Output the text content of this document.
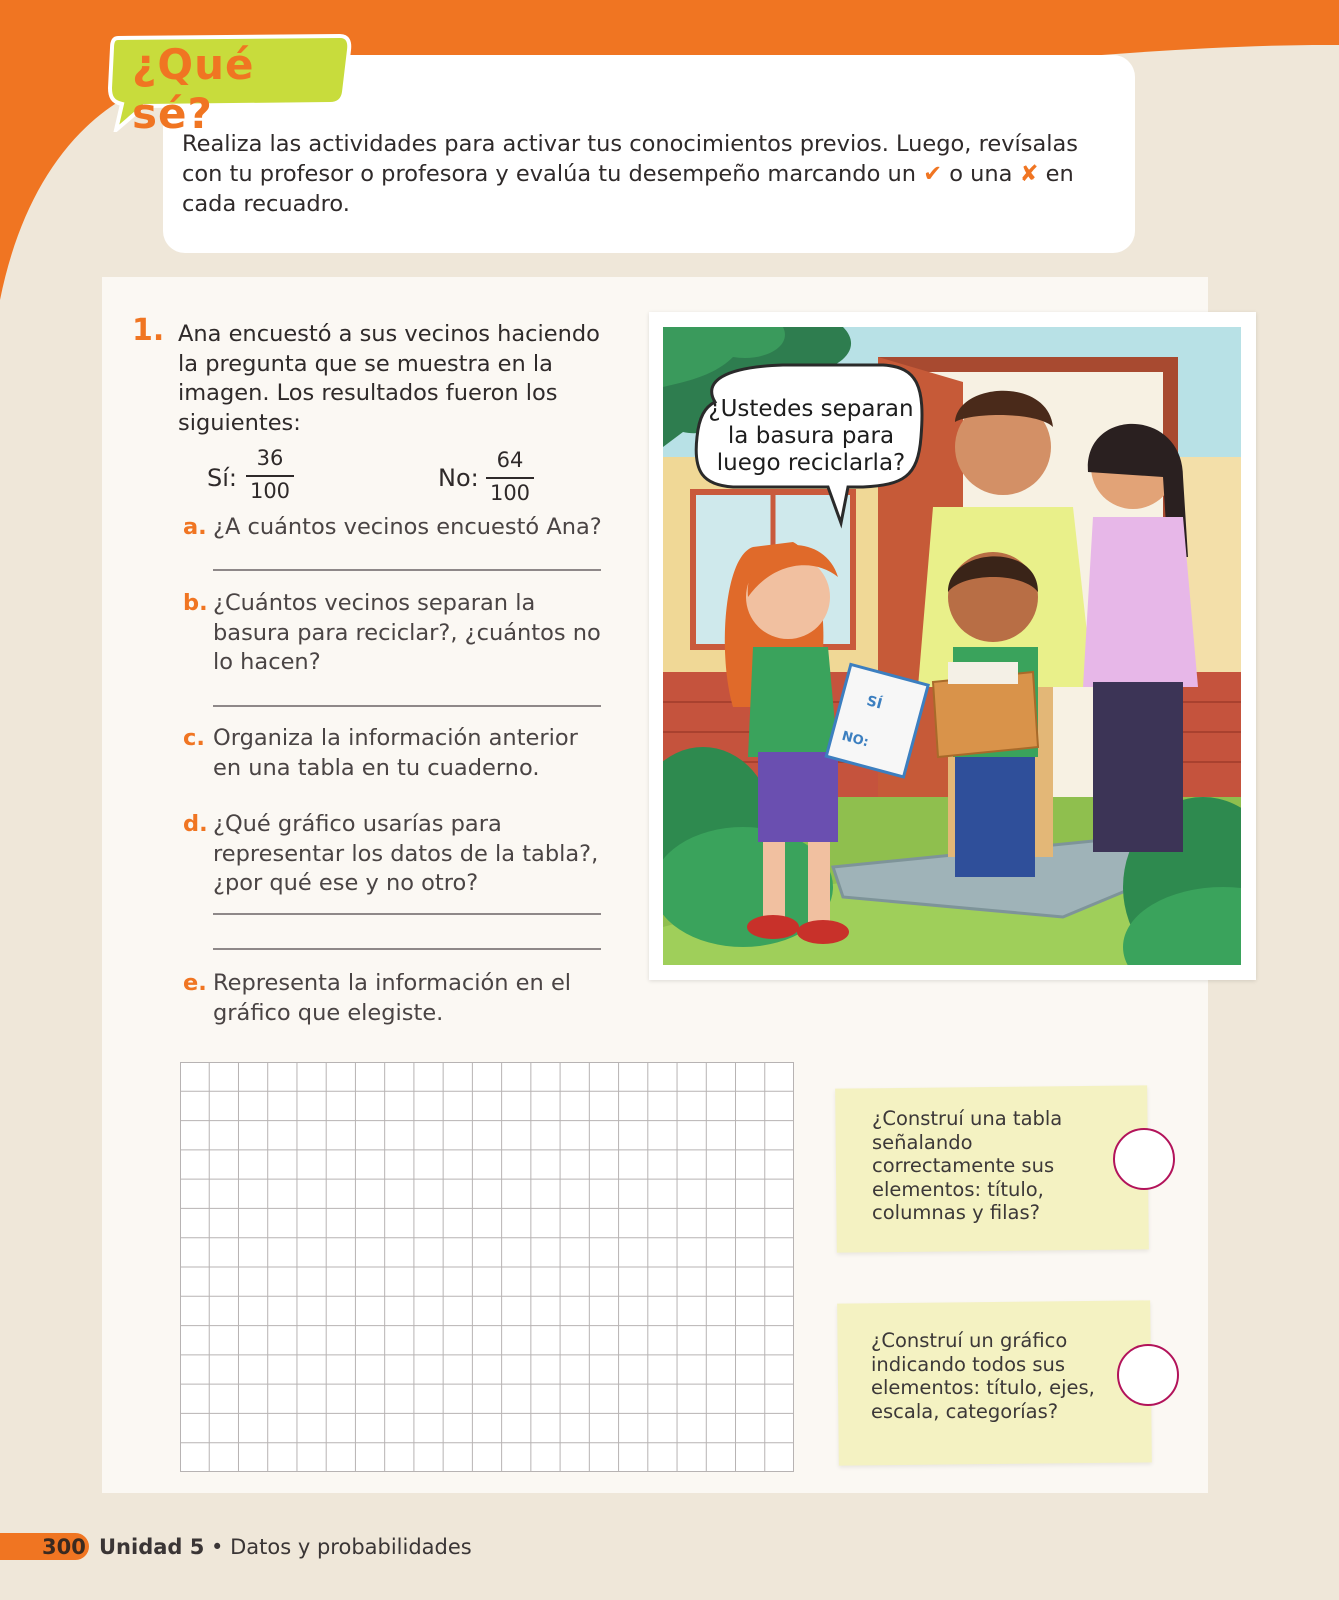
¿Qué sé?
Evaluación inicial
Realiza las actividades para activar tus conocimientos previos. Luego, revísalas con tu profesor o profesora y evalúa tu desempeño marcando un ✔ o una ✘ en cada recuadro.
1. Ana encuestó a sus vecinos haciendo la pregunta que se muestra en la imagen. Los resultados fueron los siguientes:
Sí:
36
100	No:
64
100
a. ¿A cuántos vecinos encuestó Ana?
b. ¿Cuántos vecinos separan la basura para reciclar?, ¿cuántos no lo hacen?
c. Organiza la información anterior en una tabla en tu cuaderno.
d. ¿Qué gráfico usarías para representar los datos de la tabla?, ¿por qué ese y no otro?
e. Representa la información en el gráfico que elegiste.
SÍ
NO:
¿Ustedes separan la basura para luego reciclarla?
¿Construí una tabla señalando correctamente sus elementos: título, columnas y filas?
¿Construí un gráfico indicando todos sus elementos: título, ejes, escala, categorías?
300 Unidad 5 • Datos y probabilidades
